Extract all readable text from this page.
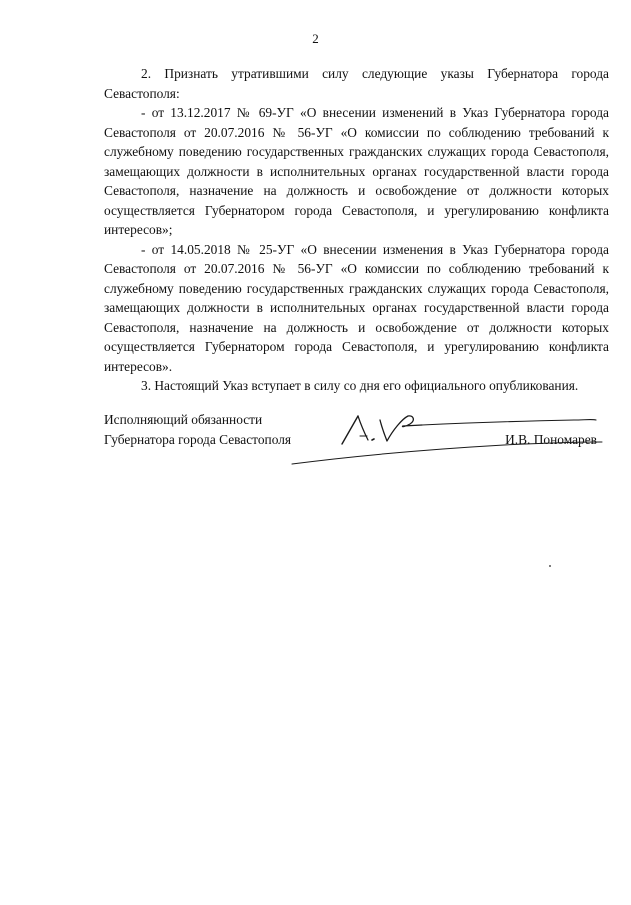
2

2. Признать утратившими силу следующие указы Губернатора города Севастополя:

- от 13.12.2017 № 69-УГ «О внесении изменений в Указ Губернатора города Севастополя от 20.07.2016 № 56-УГ «О комиссии по соблюдению требований к служебному поведению государственных гражданских служащих города Севастополя, замещающих должности в исполнительных органах государственной власти города Севастополя, назначение на должность и освобождение от должности которых осуществляется Губернатором города Севастополя, и урегулированию конфликта интересов»;

- от 14.05.2018 № 25-УГ «О внесении изменения в Указ Губернатора города Севастополя от 20.07.2016 № 56-УГ «О комиссии по соблюдению требований к служебному поведению государственных гражданских служащих города Севастополя, замещающих должности в исполнительных органах государственной власти города Севастополя, назначение на должность и освобождение от должности которых осуществляется Губернатором города Севастополя, и урегулированию конфликта интересов».

3. Настоящий Указ вступает в силу со дня его официального опубликования.

Исполняющий обязанности
Губернатора города Севастополя	И.В. Пономарев
